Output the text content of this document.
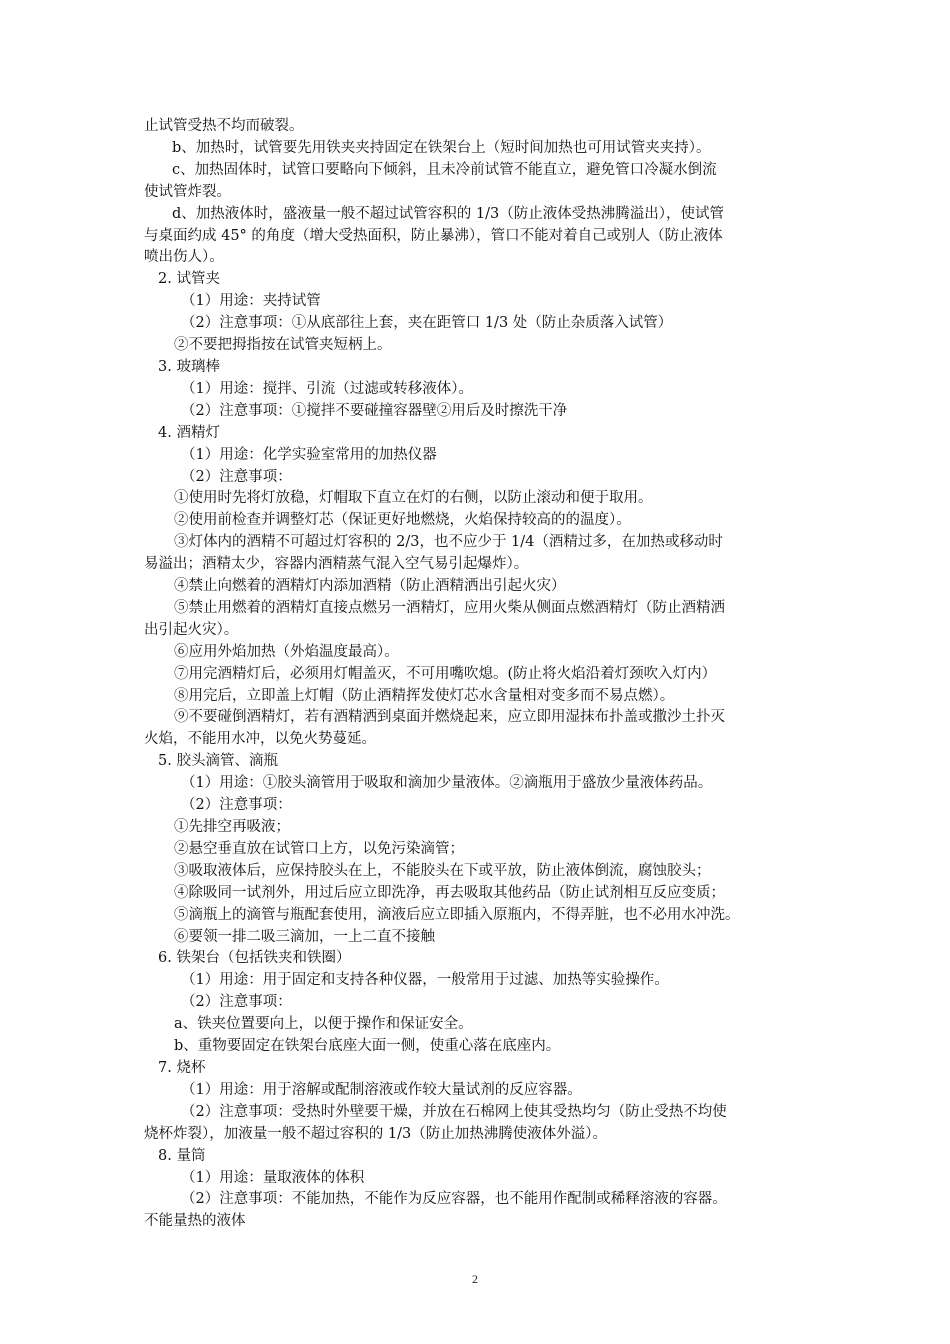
止试管受热不均而破裂。
b、加热时，试管要先用铁夹夹持固定在铁架台上（短时间加热也可用试管夹夹持）。
c、加热固体时，试管口要略向下倾斜，且未冷前试管不能直立，避免管口冷凝水倒流
使试管炸裂。
d、加热液体时，盛液量一般不超过试管容积的 1/3（防止液体受热沸腾溢出），使试管
与桌面约成 45° 的角度（增大受热面积，防止暴沸），管口不能对着自己或别人（防止液体
喷出伤人）。
2. 试管夹
（1）用途：夹持试管
（2）注意事项：①从底部往上套，夹在距管口 1/3 处（防止杂质落入试管）
②不要把拇指按在试管夹短柄上。
3. 玻璃棒
（1）用途：搅拌、引流（过滤或转移液体）。
（2）注意事项：①搅拌不要碰撞容器壁②用后及时擦洗干净
4. 酒精灯
（1）用途：化学实验室常用的加热仪器
（2）注意事项：
①使用时先将灯放稳，灯帽取下直立在灯的右侧，以防止滚动和便于取用。
②使用前检查并调整灯芯（保证更好地燃烧，火焰保持较高的的温度）。
③灯体内的酒精不可超过灯容积的 2/3，也不应少于 1/4（酒精过多，在加热或移动时
易溢出；酒精太少，容器内酒精蒸气混入空气易引起爆炸）。
④禁止向燃着的酒精灯内添加酒精（防止酒精洒出引起火灾）
⑤禁止用燃着的酒精灯直接点燃另一酒精灯，应用火柴从侧面点燃酒精灯（防止酒精洒
出引起火灾）。
⑥应用外焰加热（外焰温度最高）。
⑦用完酒精灯后，必须用灯帽盖灭，不可用嘴吹熄。(防止将火焰沿着灯颈吹入灯内）
⑧用完后，立即盖上灯帽（防止酒精挥发使灯芯水含量相对变多而不易点燃）。
⑨不要碰倒酒精灯，若有酒精洒到桌面并燃烧起来，应立即用湿抹布扑盖或撒沙土扑灭
火焰，不能用水冲，以免火势蔓延。
5. 胶头滴管、滴瓶
（1）用途：①胶头滴管用于吸取和滴加少量液体。②滴瓶用于盛放少量液体药品。
（2）注意事项：
①先排空再吸液；
②悬空垂直放在试管口上方，以免污染滴管；
③吸取液体后，应保持胶头在上，不能胶头在下或平放，防止液体倒流，腐蚀胶头；
④除吸同一试剂外，用过后应立即洗净，再去吸取其他药品（防止试剂相互反应变质；
⑤滴瓶上的滴管与瓶配套使用，滴液后应立即插入原瓶内，不得弄脏，也不必用水冲洗。
⑥要领一排二吸三滴加，一上二直不接触
6. 铁架台（包括铁夹和铁圈）
（1）用途：用于固定和支持各种仪器，一般常用于过滤、加热等实验操作。
（2）注意事项：
a、铁夹位置要向上，以便于操作和保证安全。
b、重物要固定在铁架台底座大面一侧，使重心落在底座内。
7. 烧杯
（1）用途：用于溶解或配制溶液或作较大量试剂的反应容器。
（2）注意事项：受热时外壁要干燥，并放在石棉网上使其受热均匀（防止受热不均使
烧杯炸裂），加液量一般不超过容积的 1/3（防止加热沸腾使液体外溢）。
8. 量筒
（1）用途：量取液体的体积
（2）注意事项：不能加热，不能作为反应容器，也不能用作配制或稀释溶液的容器。
不能量热的液体
2
